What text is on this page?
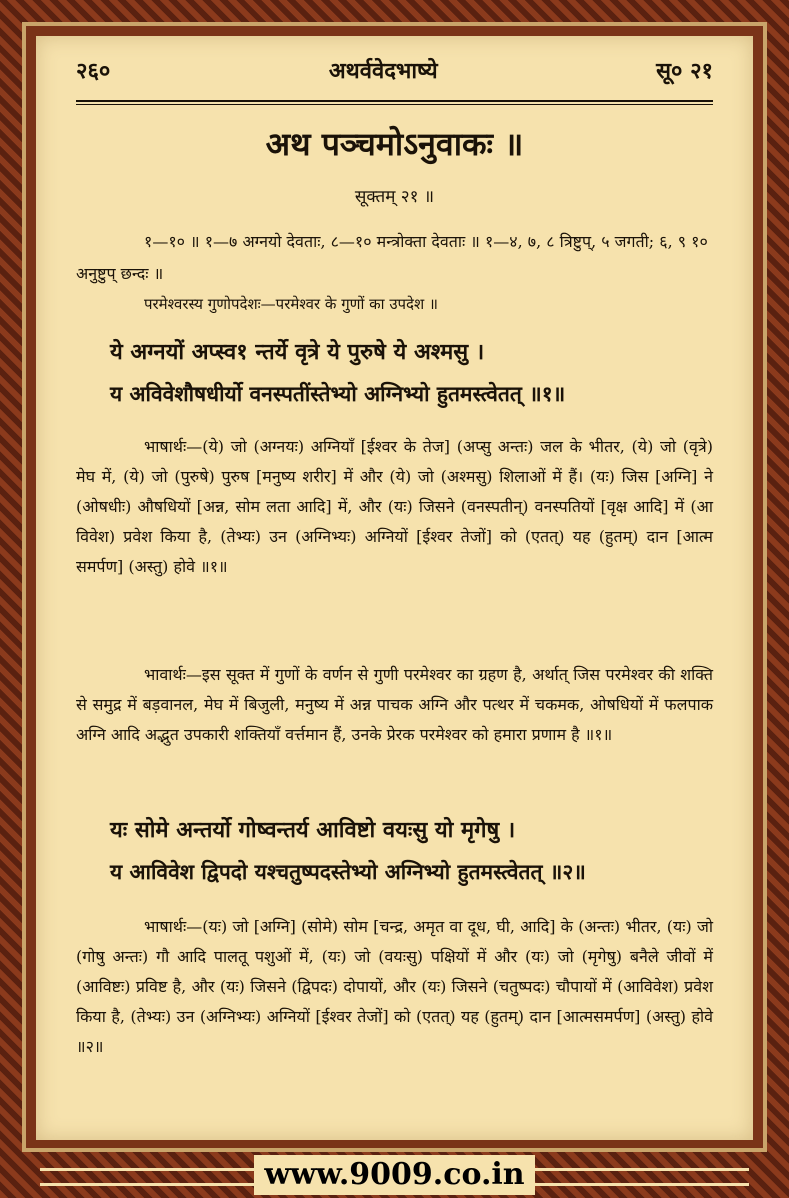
२६०	अथर्ववेदभाष्ये	सू० २१
अथ पञ्चमोऽनुवाकः ॥
सूक्तम् २१ ॥
१—१० ॥ १—७ अग्नयो देवताः, ८—१० मन्त्रोक्ता देवताः ॥ १—४, ७, ८ त्रिष्टुप्, ५ जगती; ६, ९ १० अनुष्टुप् छन्दः ॥
परमेश्वरस्य गुणोपदेशः—परमेश्वर के गुणों का उपदेश ॥
ये अग्नयों अप्स्व१ न्तर्ये वृत्रे ये पुरुषे ये अश्मसु ।
य अविवेशौषधीर्यो वनस्पतींस्तेभ्यो अग्निभ्यो हुतमस्त्वेतत् ॥१॥
भाषार्थः—(ये) जो (अग्नयः) अग्नियाँ [ईश्वर के तेज] (अप्सु अन्तः) जल के भीतर, (ये) जो (वृत्रे) मेघ में, (ये) जो (पुरुषे) पुरुष [मनुष्य शरीर] में और (ये) जो (अश्मसु) शिलाओं में हैं। (यः) जिस [अग्नि] ने (ओषधीः) औषधियों [अन्न, सोम लता आदि] में, और (यः) जिसने (वनस्पतीन्) वनस्पतियों [वृक्ष आदि] में (आ विवेश) प्रवेश किया है, (तेभ्यः) उन (अग्निभ्यः) अग्नियों [ईश्वर तेजों] को (एतत्) यह (हुतम्) दान [आत्म समर्पण] (अस्तु) होवे ॥१॥
भावार्थः—इस सूक्त में गुणों के वर्णन से गुणी परमेश्वर का ग्रहण है, अर्थात् जिस परमेश्वर की शक्ति से समुद्र में बड़वानल, मेघ में बिजुली, मनुष्य में अन्न पाचक अग्नि और पत्थर में चकमक, ओषधियों में फलपाक अग्नि आदि अद्भुत उपकारी शक्तियाँ वर्त्तमान हैं, उनके प्रेरक परमेश्वर को हमारा प्रणाम है ॥१॥
यः सोमे अन्तर्यो गोष्वन्तर्य आविष्टो वयःसु यो मृगेषु ।
य आविवेश द्विपदो यश्चतुष्पदस्तेभ्यो अग्निभ्यो हुतमस्त्वेतत् ॥२॥
भाषार्थः—(यः) जो [अग्नि] (सोमे) सोम [चन्द्र, अमृत वा दूध, घी, आदि] के (अन्तः) भीतर, (यः) जो (गोषु अन्तः) गौ आदि पालतू पशुओं में, (यः) जो (वयःसु) पक्षियों में और (यः) जो (मृगेषु) बनैले जीवों में (आविष्टः) प्रविष्ट है, और (यः) जिसने (द्विपदः) दोपायों, और (यः) जिसने (चतुष्पदः) चौपायों में (आविवेश) प्रवेश किया है, (तेभ्यः) उन (अग्निभ्यः) अग्नियों [ईश्वर तेजों] को (एतत्) यह (हुतम्) दान [आत्मसमर्पण] (अस्तु) होवे ॥२॥
www.9009.co.in
